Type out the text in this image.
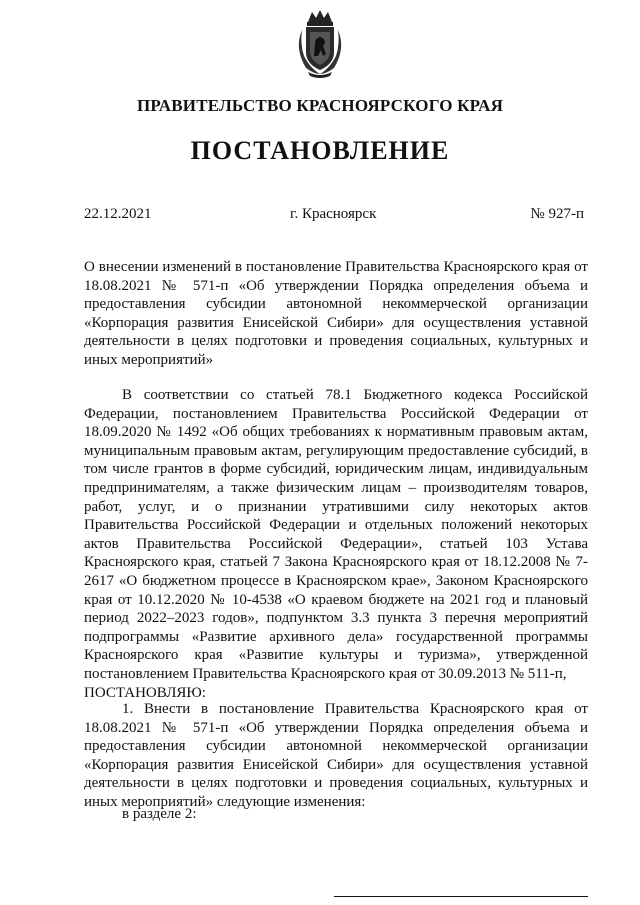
ПРАВИТЕЛЬСТВО КРАСНОЯРСКОГО КРАЯ
ПОСТАНОВЛЕНИЕ
22.12.2021	г. Красноярск	№ 927-п
О внесении изменений в постановление Правительства Красноярского края от 18.08.2021 № 571-п «Об утверждении Порядка определения объема и предоставления субсидии автономной некоммерческой организации «Корпорация развития Енисейской Сибири» для осуществления уставной деятельности в целях подготовки и проведения социальных, культурных и иных мероприятий»
В соответствии со статьей 78.1 Бюджетного кодекса Российской Федерации, постановлением Правительства Российской Федерации от 18.09.2020 № 1492 «Об общих требованиях к нормативным правовым актам, муниципальным правовым актам, регулирующим предоставление субсидий, в том числе грантов в форме субсидий, юридическим лицам, индивидуальным предпринимателям, а также физическим лицам – производителям товаров, работ, услуг, и о признании утратившими силу некоторых актов Правительства Российской Федерации и отдельных положений некоторых актов Правительства Российской Федерации», статьей 103 Устава Красноярского края, статьей 7 Закона Красноярского края от 18.12.2008 № 7-2617 «О бюджетном процессе в Красноярском крае», Законом Красноярского края от 10.12.2020 № 10-4538 «О краевом бюджете на 2021 год и плановый период 2022–2023 годов», подпунктом 3.3 пункта 3 перечня мероприятий подпрограммы «Развитие архивного дела» государственной программы Красноярского края «Развитие культуры и туризма», утвержденной постановлением Правительства Красноярского края от 30.09.2013 № 511-п,
ПОСТАНОВЛЯЮ:
1. Внести в постановление Правительства Красноярского края от 18.08.2021 № 571-п «Об утверждении Порядка определения объема и предоставления субсидии автономной некоммерческой организации «Корпорация развития Енисейской Сибири» для осуществления уставной деятельности в целях подготовки и проведения социальных, культурных и иных мероприятий» следующие изменения:
в разделе 2:
